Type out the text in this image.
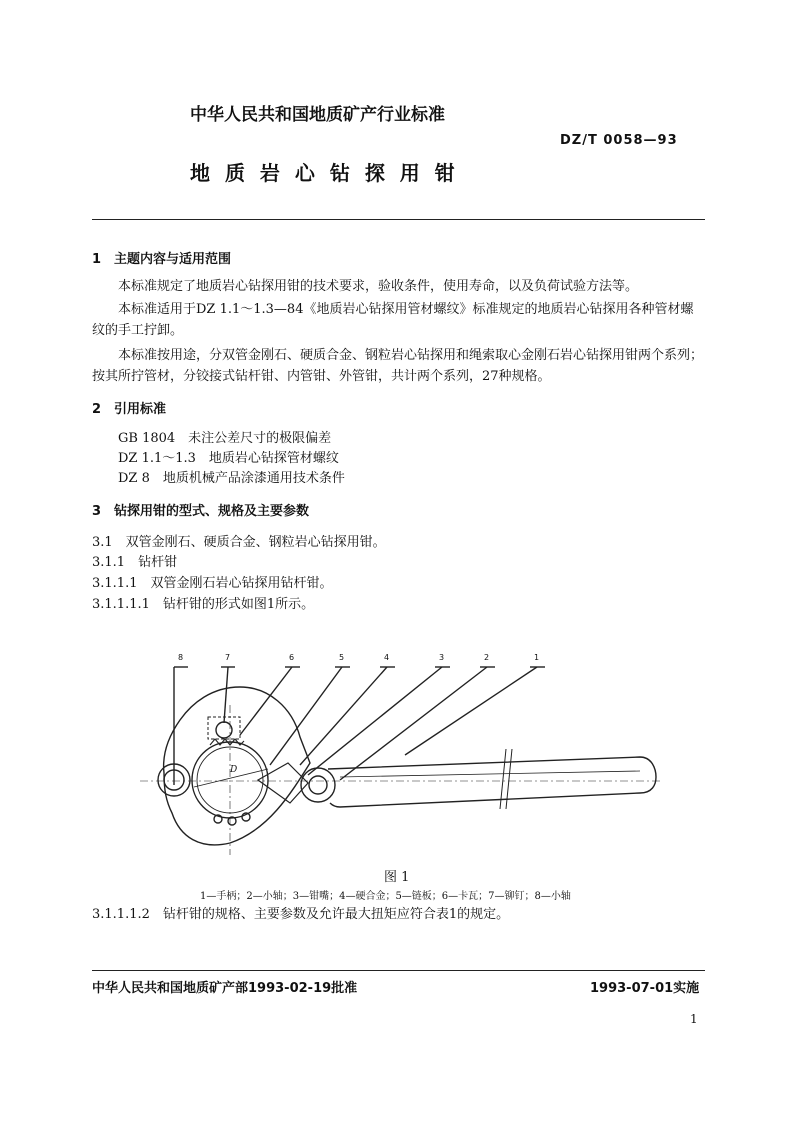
中华人民共和国地质矿产行业标准
DZ/T 0058—93
地 质 岩 心 钻 探 用 钳
1　主题内容与适用范围
本标准规定了地质岩心钻探用钳的技术要求，验收条件，使用寿命，以及负荷试验方法等。
本标准适用于DZ 1.1～1.3—84《地质岩心钻探用管材螺纹》标准规定的地质岩心钻探用各种管材螺纹的手工拧卸。
本标准按用途，分双管金刚石、硬质合金、钢粒岩心钻探用和绳索取心金刚石岩心钻探用钳两个系列；按其所拧管材，分铰接式钻杆钳、内管钳、外管钳，共计两个系列，27种规格。
2　引用标准
GB 1804　未注公差尺寸的极限偏差
DZ 1.1～1.3　地质岩心钻探管材螺纹
DZ 8　地质机械产品涂漆通用技术条件
3　钻探用钳的型式、规格及主要参数
3.1　双管金刚石、硬质合金、钢粒岩心钻探用钳。
3.1.1　钻杆钳
3.1.1.1　双管金刚石岩心钻探用钻杆钳。
3.1.1.1.1　钻杆钳的形式如图1所示。
8	7	6	5	4	3	2	1
D
图 1
1—手柄；2—小轴；3—钳嘴；4—硬合金；5—链板；6—卡瓦；7—铆钉；8—小轴
3.1.1.1.2　钻杆钳的规格、主要参数及允许最大扭矩应符合表1的规定。
中华人民共和国地质矿产部1993-02-19批准	1993-07-01实施
1
